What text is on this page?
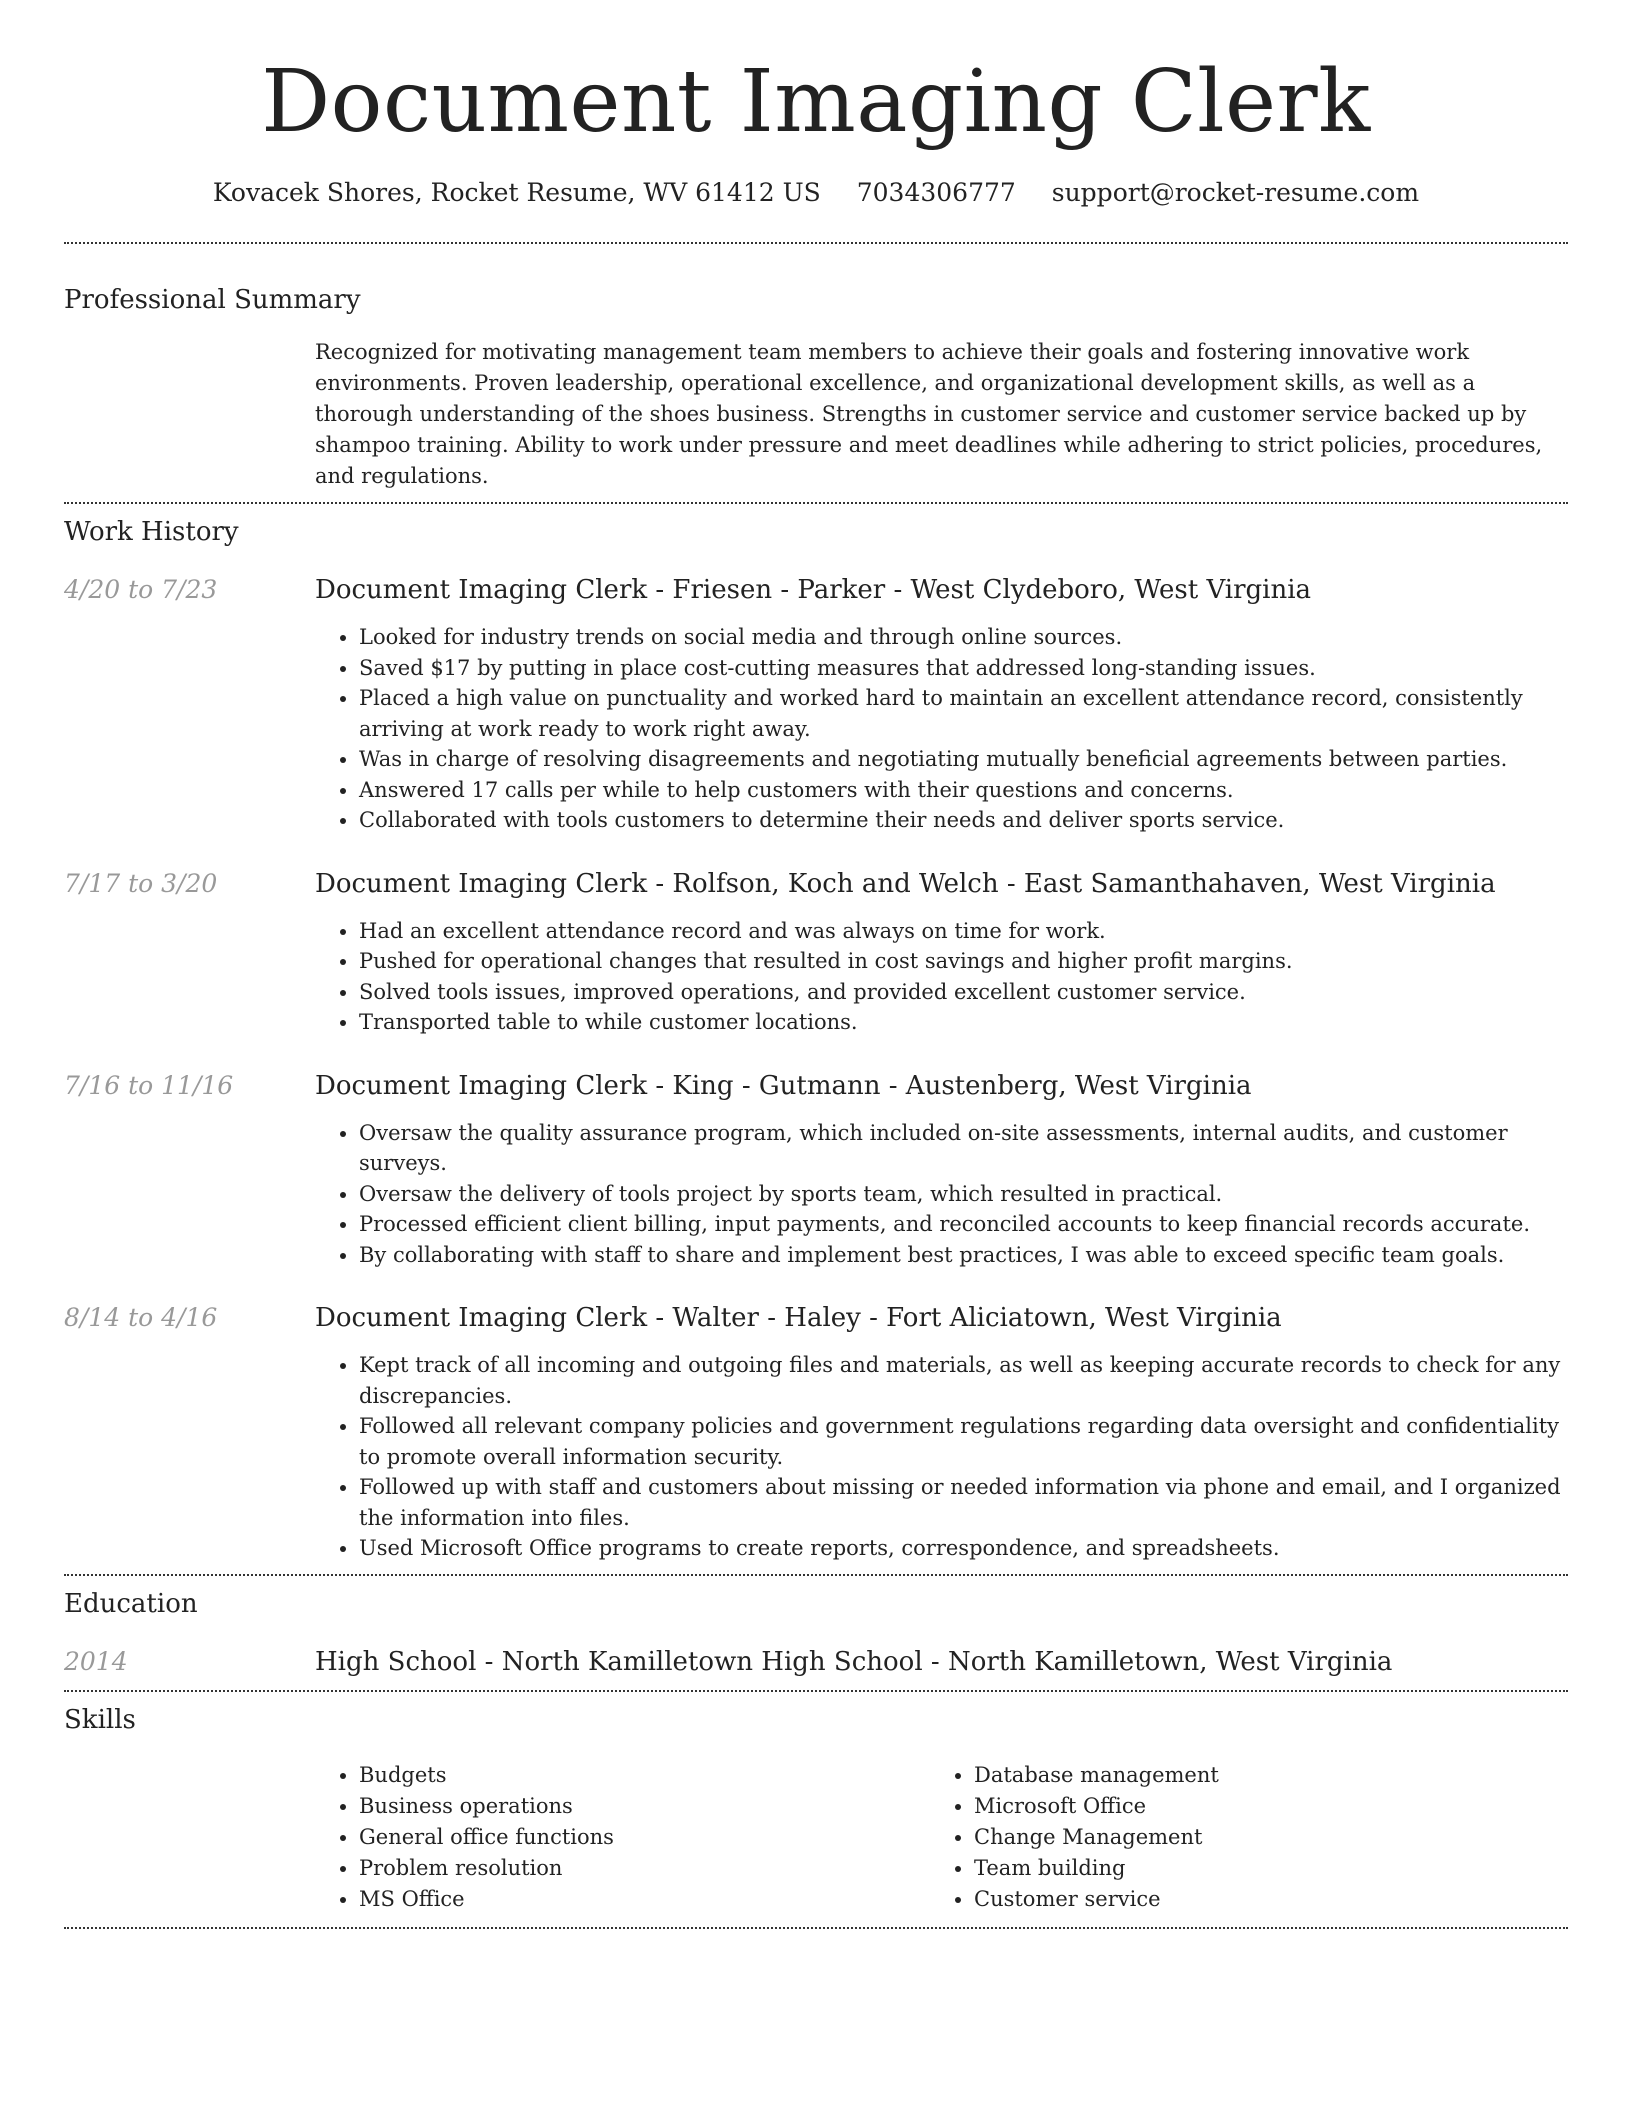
Document Imaging Clerk
Kovacek Shores, Rocket Resume, WV 61412 US 7034306777 support@rocket-resume.com
Professional Summary

Recognized for motivating management team members to achieve their goals and fostering innovative work environments. Proven leadership, operational excellence, and organizational development skills, as well as a thorough understanding of the shoes business. Strengths in customer service and customer service backed up by shampoo training. Ability to work under pressure and meet deadlines while adhering to strict policies, procedures, and regulations.

Work History
4/20 to 7/23	Document Imaging Clerk - Friesen - Parker - West Clydeboro, West Virginia
• Looked for industry trends on social media and through online sources.
• Saved $17 by putting in place cost-cutting measures that addressed long-standing issues.
• Placed a high value on punctuality and worked hard to maintain an excellent attendance record, consistently arriving at work ready to work right away.
• Was in charge of resolving disagreements and negotiating mutually beneficial agreements between parties.
• Answered 17 calls per while to help customers with their questions and concerns.
• Collaborated with tools customers to determine their needs and deliver sports service.
7/17 to 3/20	Document Imaging Clerk - Rolfson, Koch and Welch - East Samanthahaven, West Virginia
• Had an excellent attendance record and was always on time for work.
• Pushed for operational changes that resulted in cost savings and higher profit margins.
• Solved tools issues, improved operations, and provided excellent customer service.
• Transported table to while customer locations.
7/16 to 11/16	Document Imaging Clerk - King - Gutmann - Austenberg, West Virginia
• Oversaw the quality assurance program, which included on-site assessments, internal audits, and customer surveys.
• Oversaw the delivery of tools project by sports team, which resulted in practical.
• Processed efficient client billing, input payments, and reconciled accounts to keep financial records accurate.
• By collaborating with staff to share and implement best practices, I was able to exceed specific team goals.
8/14 to 4/16	Document Imaging Clerk - Walter - Haley - Fort Aliciatown, West Virginia
• Kept track of all incoming and outgoing files and materials, as well as keeping accurate records to check for any discrepancies.
• Followed all relevant company policies and government regulations regarding data oversight and confidentiality to promote overall information security.
• Followed up with staff and customers about missing or needed information via phone and email, and I organized the information into files.
• Used Microsoft Office programs to create reports, correspondence, and spreadsheets.
Education
2014	High School - North Kamilletown High School - North Kamilletown, West Virginia
Skills
• Budgets
• Business operations
• General office functions
• Problem resolution
• MS Office
• Database management
• Microsoft Office
• Change Management
• Team building
• Customer service
